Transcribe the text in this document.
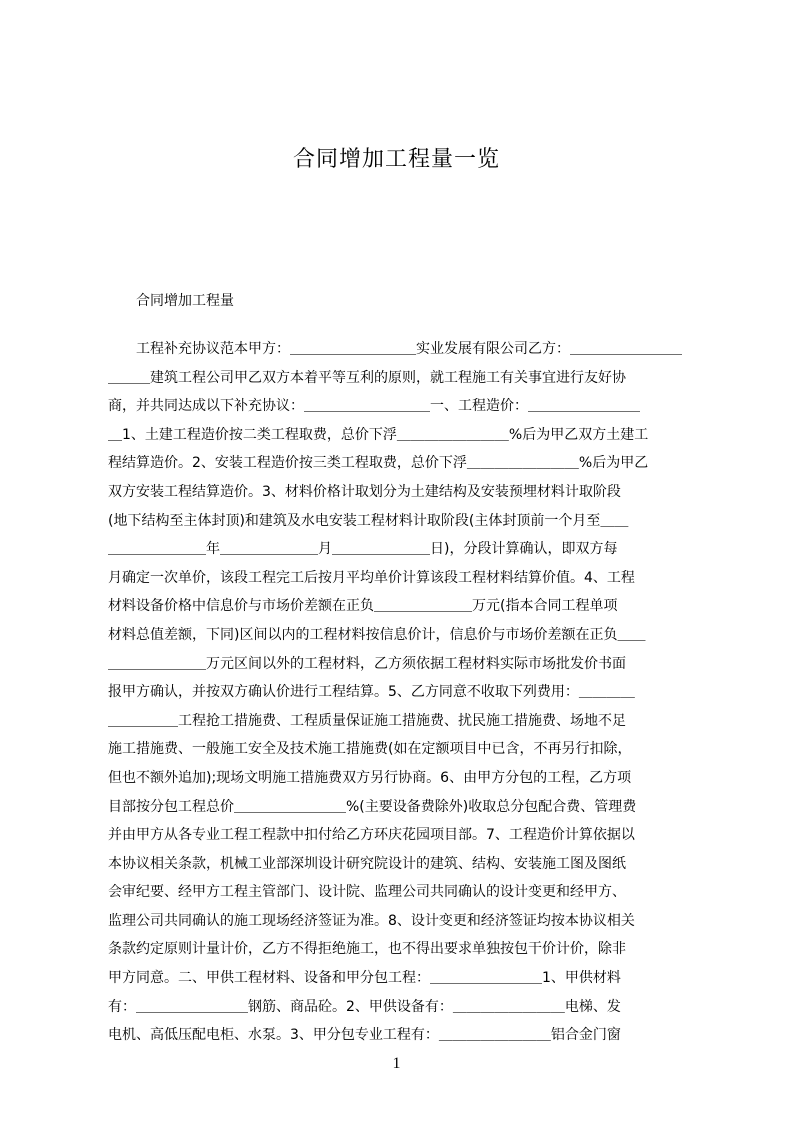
合同增加工程量一览
合同增加工程量
　　工程补充协议范本甲方：＿＿＿＿＿＿＿＿＿实业发展有限公司乙方：＿＿＿＿＿＿＿＿
＿＿＿建筑工程公司甲乙双方本着平等互利的原则，就工程施工有关事宜进行友好协
商，并共同达成以下补充协议：＿＿＿＿＿＿＿＿＿一、工程造价：＿＿＿＿＿＿＿＿
＿1、土建工程造价按二类工程取费，总价下浮＿＿＿＿＿＿＿＿%后为甲乙双方土建工
程结算造价。2、安装工程造价按三类工程取费，总价下浮＿＿＿＿＿＿＿＿%后为甲乙
双方安装工程结算造价。3、材料价格计取划分为土建结构及安装预埋材料计取阶段
(地下结构至主体封顶)和建筑及水电安装工程材料计取阶段(主体封顶前一个月至＿＿
＿＿＿＿＿＿＿年＿＿＿＿＿＿＿月＿＿＿＿＿＿＿日)，分段计算确认，即双方每
月确定一次单价，该段工程完工后按月平均单价计算该段工程材料结算价值。4、工程
材料设备价格中信息价与市场价差额在正负＿＿＿＿＿＿＿万元(指本合同工程单项
材料总值差额，下同)区间以内的工程材料按信息价计，信息价与市场价差额在正负＿＿
＿＿＿＿＿＿＿万元区间以外的工程材料，乙方须依据工程材料实际市场批发价书面
报甲方确认，并按双方确认价进行工程结算。5、乙方同意不收取下列费用：＿＿＿＿
＿＿＿＿＿工程抢工措施费、工程质量保证施工措施费、扰民施工措施费、场地不足
施工措施费、一般施工安全及技术施工措施费(如在定额项目中已含，不再另行扣除，
但也不额外追加);现场文明施工措施费双方另行协商。6、由甲方分包的工程，乙方项
目部按分包工程总价＿＿＿＿＿＿＿＿%(主要设备费除外)收取总分包配合费、管理费
并由甲方从各专业工程工程款中扣付给乙方环庆花园项目部。7、工程造价计算依据以
本协议相关条款，机械工业部深圳设计研究院设计的建筑、结构、安装施工图及图纸
会审纪要、经甲方工程主管部门、设计院、监理公司共同确认的设计变更和经甲方、
监理公司共同确认的施工现场经济签证为准。8、设计变更和经济签证均按本协议相关
条款约定原则计量计价，乙方不得拒绝施工，也不得出要求单独按包干价计价，除非
甲方同意。二、甲供工程材料、设备和甲分包工程：＿＿＿＿＿＿＿＿1、甲供材料
有：＿＿＿＿＿＿＿＿钢筋、商品砼。2、甲供设备有：＿＿＿＿＿＿＿＿电梯、发
电机、高低压配电柜、水泵。3、甲分包专业工程有：＿＿＿＿＿＿＿＿铝合金门窗
1
